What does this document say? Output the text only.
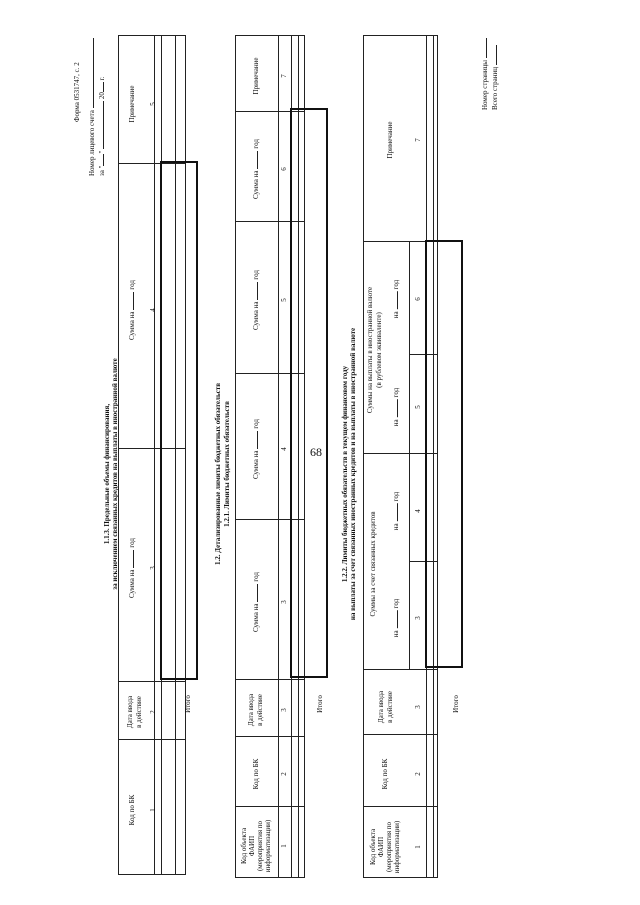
68
Форма 0531747, с. 2
Номер лицевого счета за ""  20 г.
1.1.3. Предельные объемы финансирования, за исключением связанных кредитов на выплаты в иностранной валюте
Итого
Код по БК
Дата ввода в действие
Сумма нагод
Сумма нагод
Примечание
1
2
3
4
5
1.2. Детализированные лимиты бюджетных обязательств 1.2.1. Лимиты бюджетных обязательств
Итого
Код объекта ФАИП (мероприятия по информатизации)
Код по БК
Дата ввода в действие
Сумма нагод
Сумма нагод
Сумма нагод
Сумма нагод
Примечание
1
2
3
3
4
5
6
7
1.2.2. Лимиты бюджетных обязательств в текущем финансовом году на выплаты за счет связанных иностранных кредитов и на выплаты в иностранной валюте
Итого
Код объекта ФАИП (мероприятия по информатизации)
Код по БК
Дата ввода в действие
Суммы за счет связанных кредитов
Суммы на выплаты в иностранной валюте (в рублевом эквиваленте)
нагод
нагод
нагод
нагод
Примечание
1
2
3
3
4
5
6
7
Номер страницы Всего страниц
